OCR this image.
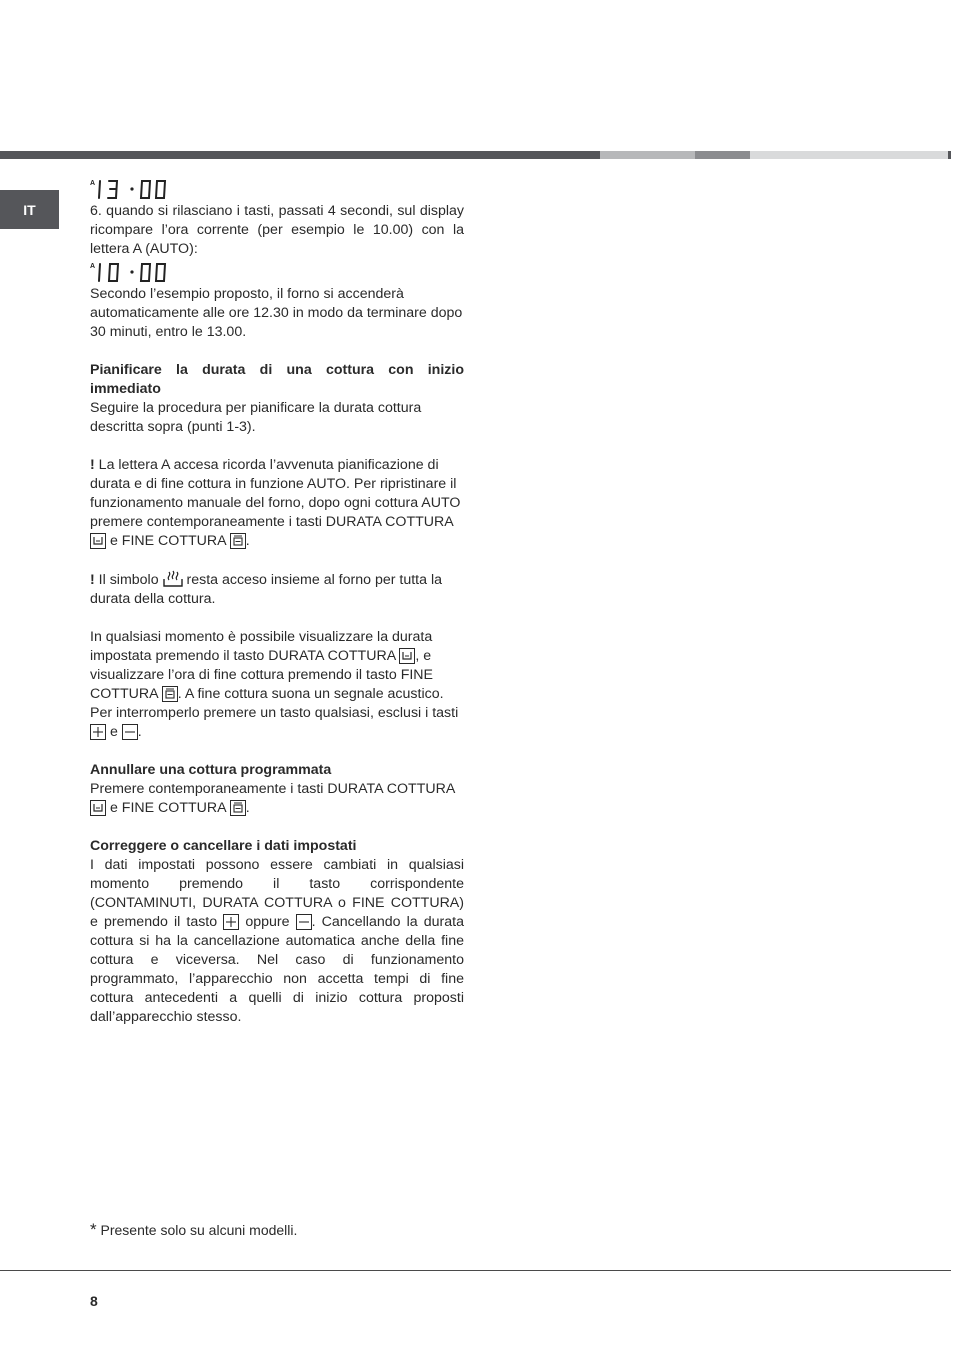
IT
A

6. quando si rilasciano i tasti, passati 4 secondi, sul display ricompare l’ora corrente (per esempio le 10.00) con la lettera A (AUTO):

A

Secondo l’esempio proposto, il forno si accenderà automaticamente alle ore 12.30 in modo da terminare dopo 30 minuti, entro le 13.00.

Pianificare la durata di una cottura con inizio immediato

Seguire la procedura per pianificare la durata cottura descritta sopra (punti 1-3).

! La lettera A accesa ricorda l’avvenuta pianificazione di durata e di fine cottura in funzione AUTO. Per ripristinare il funzionamento manuale del forno, dopo ogni cottura AUTO premere contemporaneamente i tasti DURATA COTTURA  e FINE COTTURA .

! Il simbolo  resta acceso insieme al forno per tutta la durata della cottura.

In qualsiasi momento è possibile visualizzare la durata impostata premendo il tasto DURATA COTTURA , e visualizzare l’ora di fine cottura premendo il tasto FINE COTTURA . A fine cottura suona un segnale acustico. Per interromperlo premere un tasto qualsiasi, esclusi i tasti  e .

Annullare una cottura programmata

Premere contemporaneamente i tasti DURATA COTTURA  e FINE COTTURA .

Correggere o cancellare i dati impostati

I dati impostati possono essere cambiati in qualsiasi momento premendo il tasto corrispondente (CONTAMINUTI, DURATA COTTURA o FINE COTTURA) e premendo il tasto  oppure . Cancellando la durata cottura si ha la cancellazione automatica anche della fine cottura e viceversa. Nel caso di funzionamento programmato, l’apparecchio non accetta tempi di fine cottura antecedenti a quelli di inizio cottura proposti dall’apparecchio stesso.

* Presente solo su alcuni modelli.
8
